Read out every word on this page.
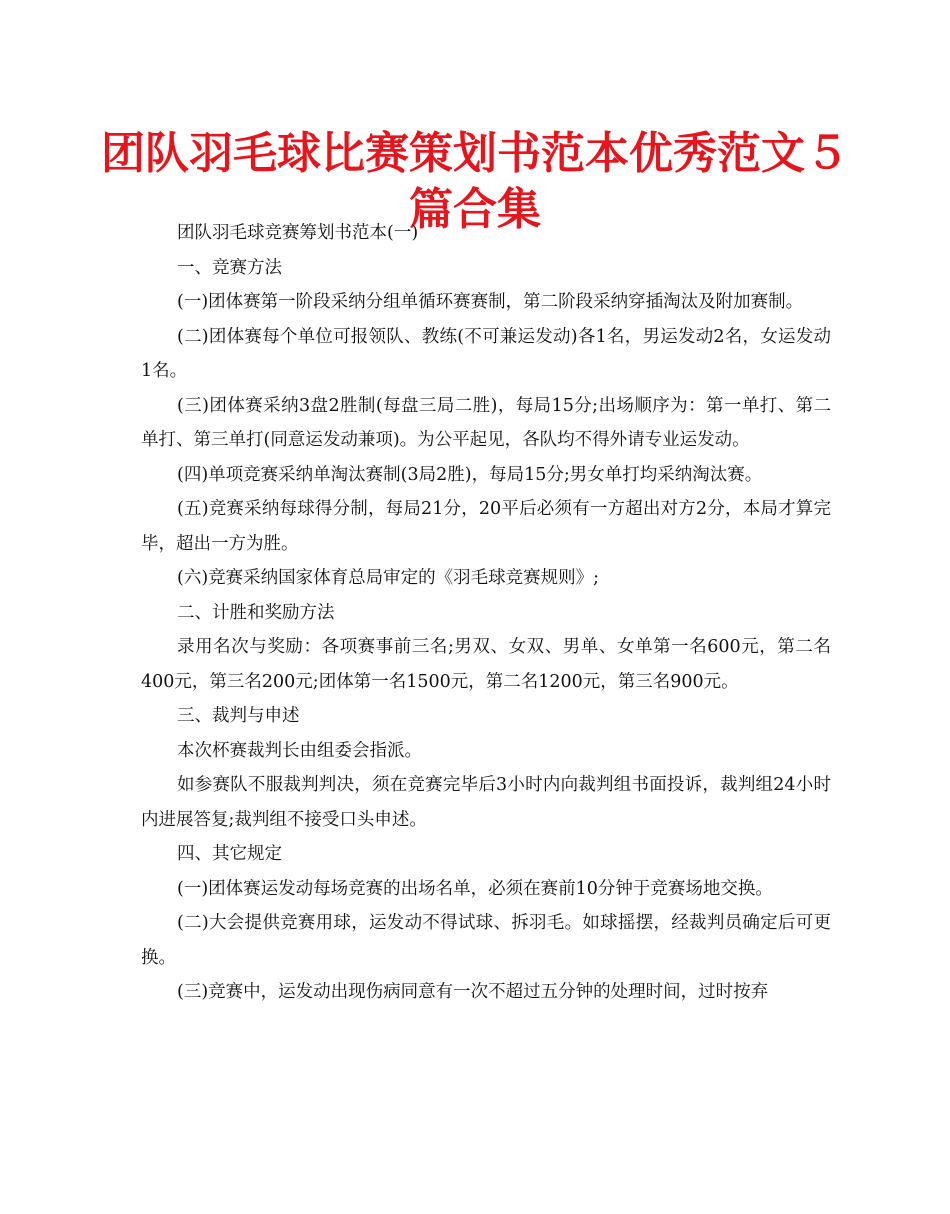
团队羽毛球比赛策划书范本优秀范文５篇合集

团队羽毛球竞赛筹划书范本(一)

一、竞赛方法

(一)团体赛第一阶段采纳分组单循环赛赛制，第二阶段采纳穿插淘汰及附加赛制。

(二)团体赛每个单位可报领队、教练(不可兼运发动)各1名，男运发动2名，女运发动1名。

(三)团体赛采纳3盘2胜制(每盘三局二胜)，每局15分;出场顺序为：第一单打、第二单打、第三单打(同意运发动兼项)。为公平起见，各队均不得外请专业运发动。

(四)单项竞赛采纳单淘汰赛制(3局2胜)，每局15分;男女单打均采纳淘汰赛。

(五)竞赛采纳每球得分制，每局21分，20平后必须有一方超出对方2分，本局才算完毕，超出一方为胜。

(六)竞赛采纳国家体育总局审定的《羽毛球竞赛规则》;

二、计胜和奖励方法

录用名次与奖励：各项赛事前三名;男双、女双、男单、女单第一名600元，第二名400元，第三名200元;团体第一名1500元，第二名1200元，第三名900元。

三、裁判与申述

本次杯赛裁判长由组委会指派。

如参赛队不服裁判判决，须在竞赛完毕后3小时内向裁判组书面投诉，裁判组24小时内进展答复;裁判组不接受口头申述。

四、其它规定

(一)团体赛运发动每场竞赛的出场名单，必须在赛前10分钟于竞赛场地交换。

(二)大会提供竞赛用球，运发动不得试球、拆羽毛。如球摇摆，经裁判员确定后可更换。

(三)竞赛中，运发动出现伤病同意有一次不超过五分钟的处理时间，过时按弃
